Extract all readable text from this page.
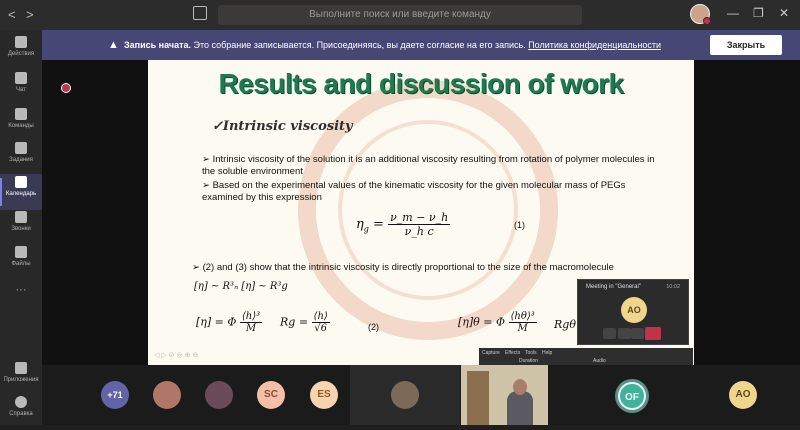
< >	Выполните поиск или введите команду	— ❐ ✕
Действия
Чат
Команды
Задания
Календарь
Звонки
Файлы
···
Приложения
Справка
▲ Запись начата. Это собрание записывается. Присоединяясь, вы даете согласие на его запись. Политика конфиденциальности	Закрыть
Results and discussion of work
✓Intrinsic viscosity
➢ Intrinsic viscosity of the solution it is an additional viscosity resulting from rotation of polymer molecules in the soluble environment
➢ Based on the experimental values of the kinematic viscosity for the given molecular mass of PEGs examined by this expression
$\eta_g = \frac{\nu\_m - \nu\_h}{\text{ν\_h c}}$	(1)
➢ (2) and (3) show that the intrinsic viscosity is directly proportional to the size of the macromolecule
[η] ~ R³ₙ [η] ~ R³g
[η] = Φ $\frac{\text{⟨h⟩³}}{M}$ $Rg = \frac{⟨h⟩}{√6}$	(2)	[η]θ = Φ $\frac{\text{⟨hθ⟩³}}{M}$ Rgθ
◁ ▷ ⊘ ◎ ⊕ ⊖
Meeting in "General"	10:02
AO
Capture Effects Tools Help
Duration	Audio
+71	SC	ES	OF	AO
